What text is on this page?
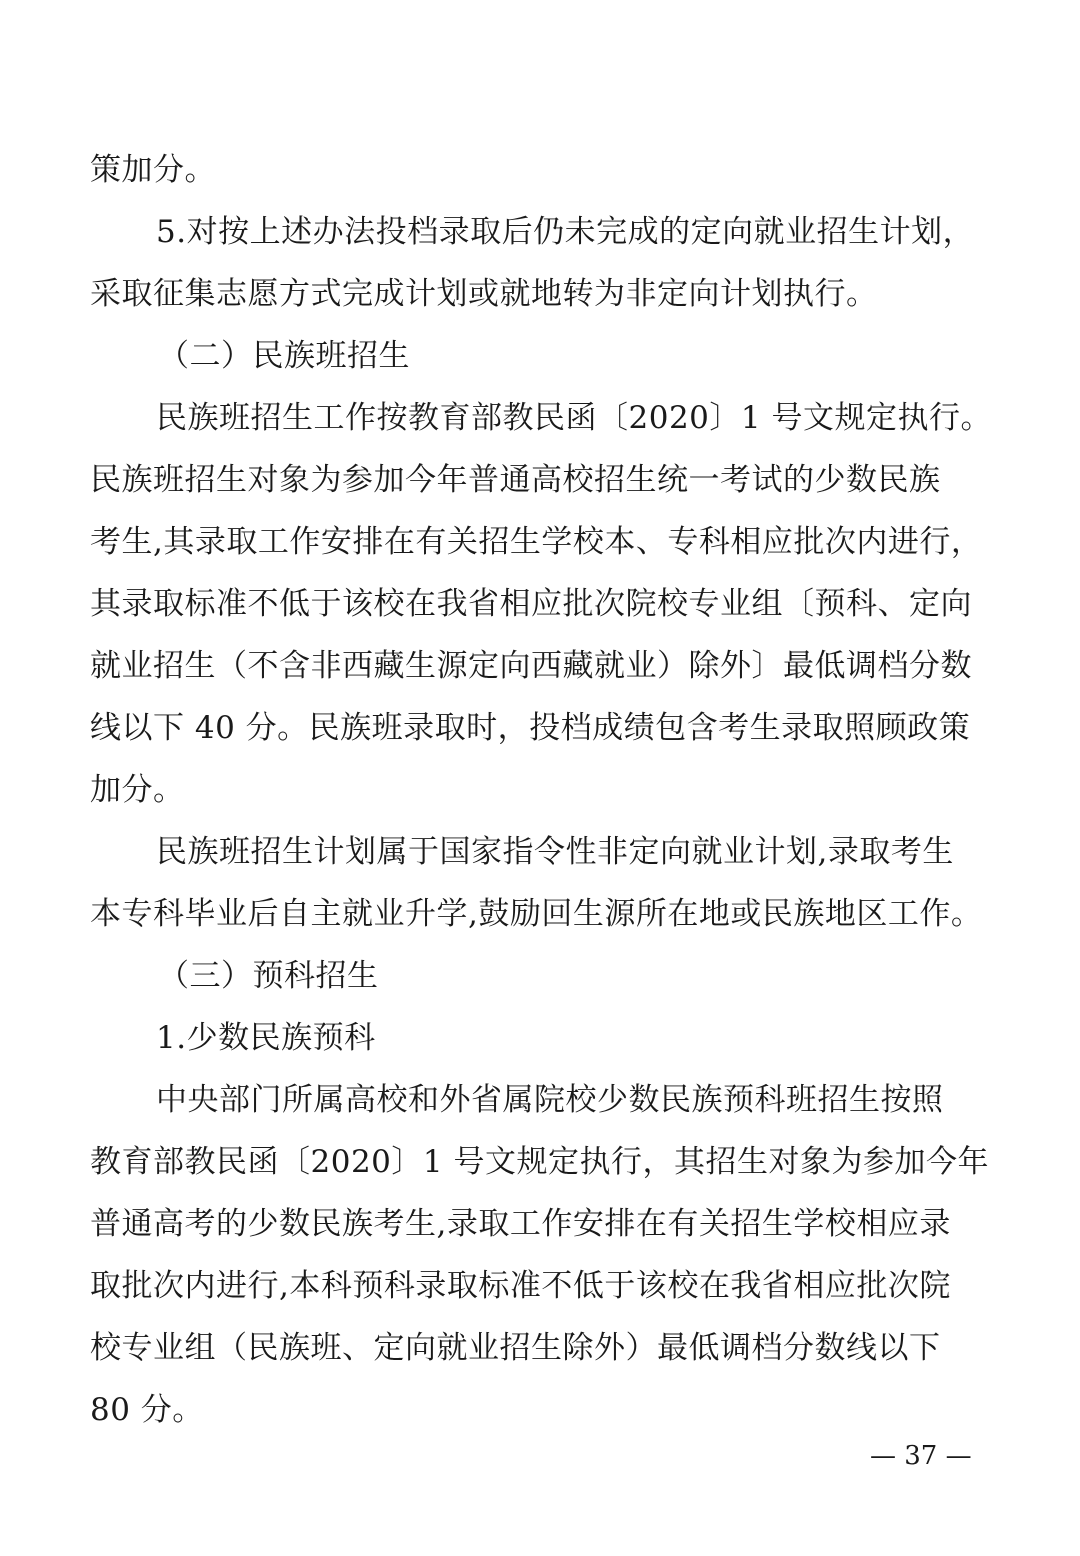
策加分。
5.对按上述办法投档录取后仍未完成的定向就业招生计划，
采取征集志愿方式完成计划或就地转为非定向计划执行。
（二）民族班招生
民族班招生工作按教育部教民函〔2020〕1 号文规定执行。
民族班招生对象为参加今年普通高校招生统一考试的少数民族
考生,其录取工作安排在有关招生学校本、专科相应批次内进行，
其录取标准不低于该校在我省相应批次院校专业组〔预科、定向
就业招生（不含非西藏生源定向西藏就业）除外〕最低调档分数
线以下 40 分。民族班录取时，投档成绩包含考生录取照顾政策
加分。
民族班招生计划属于国家指令性非定向就业计划,录取考生
本专科毕业后自主就业升学,鼓励回生源所在地或民族地区工作。
（三）预科招生
1.少数民族预科
中央部门所属高校和外省属院校少数民族预科班招生按照
教育部教民函〔2020〕1 号文规定执行，其招生对象为参加今年
普通高考的少数民族考生,录取工作安排在有关招生学校相应录
取批次内进行,本科预科录取标准不低于该校在我省相应批次院
校专业组（民族班、定向就业招生除外）最低调档分数线以下
80 分。
— 37 —
